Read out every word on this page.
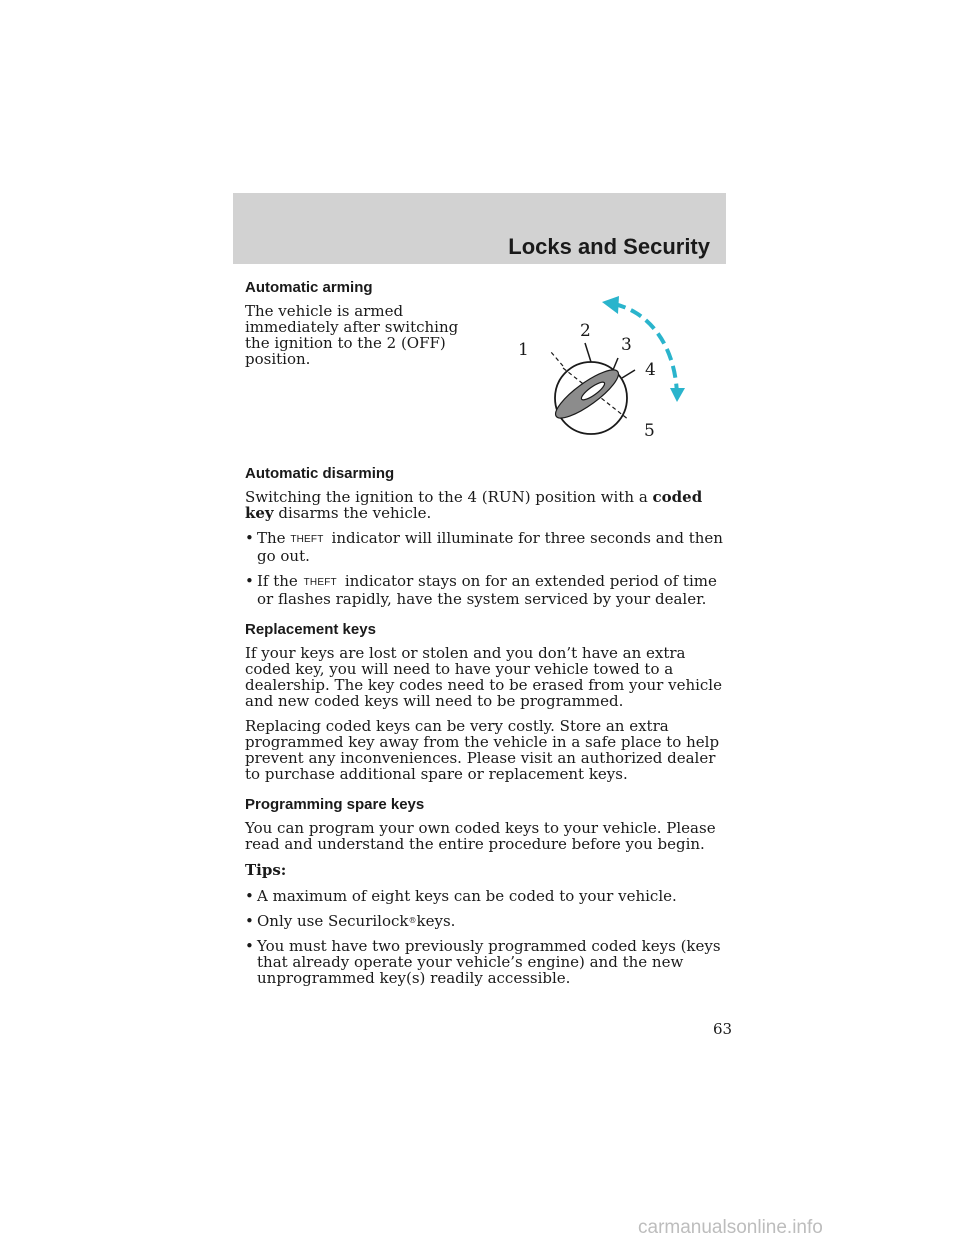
Locks and Security
1
2
3
4
5
Automatic arming

The vehicle is armed immediately after switching the ignition to the 2 (OFF) position.

Automatic disarming

Switching the ignition to the 4 (RUN) position with a coded key disarms the vehicle.

• The THEFT indicator will illuminate for three seconds and then go out.
• If the THEFT indicator stays on for an extended period of time or flashes rapidly, have the system serviced by your dealer.
Replacement keys

If your keys are lost or stolen and you don’t have an extra coded key, you will need to have your vehicle towed to a dealership. The key codes need to be erased from your vehicle and new coded keys will need to be programmed.

Replacing coded keys can be very costly. Store an extra programmed key away from the vehicle in a safe place to help prevent any inconveniences. Please visit an authorized dealer to purchase additional spare or replacement keys.

Programming spare keys

You can program your own coded keys to your vehicle. Please read and understand the entire procedure before you begin.

Tips:
• A maximum of eight keys can be coded to your vehicle.
• Only use Securilock®keys.
• You must have two previously programmed coded keys (keys that already operate your vehicle’s engine) and the new unprogrammed key(s) readily accessible.
63
carmanualsonline.info
